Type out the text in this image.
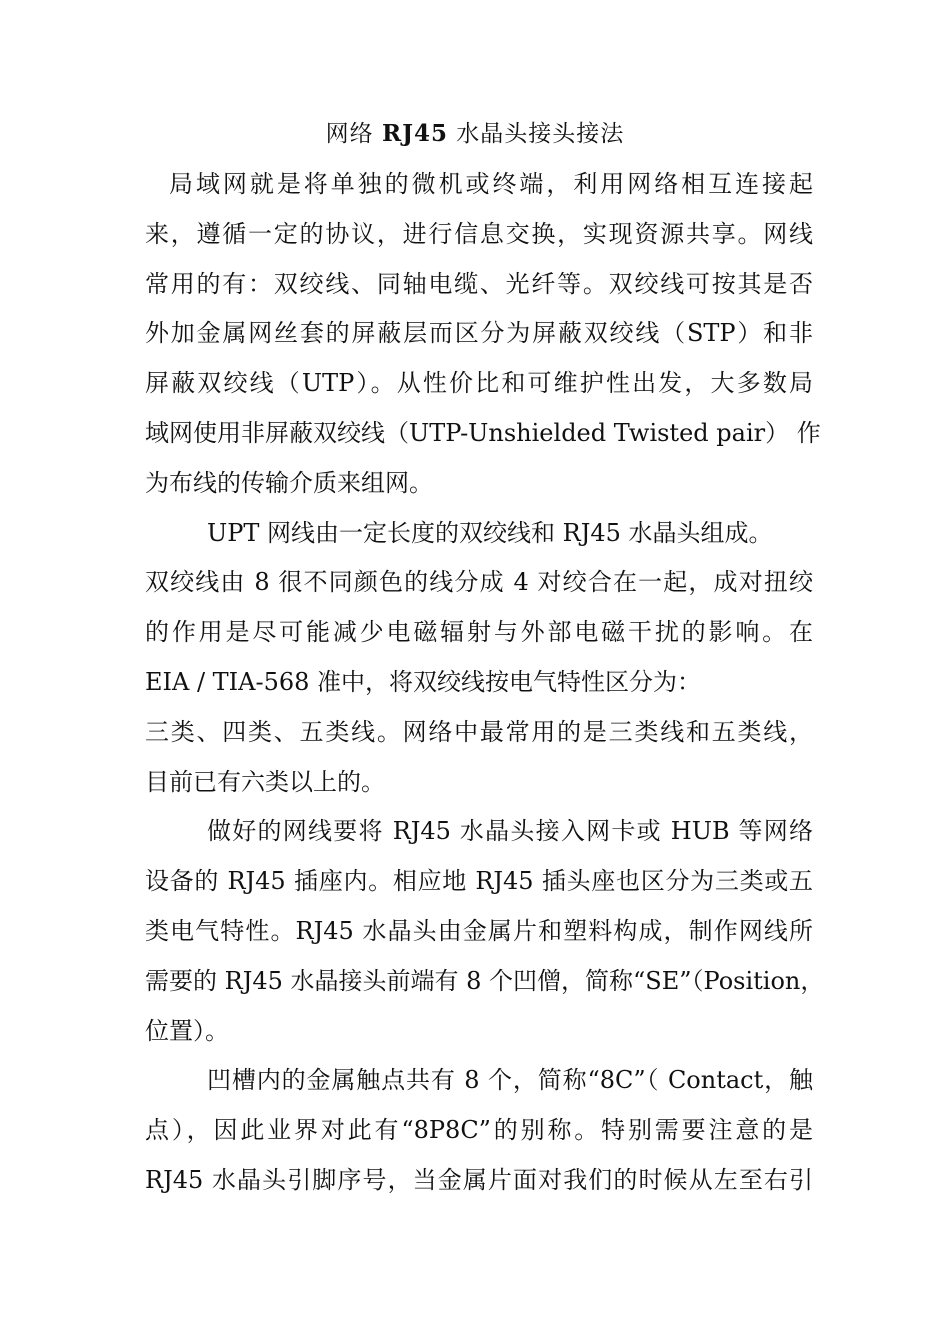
网络 RJ45 水晶头接头接法
局域网就是将单独的微机或终端，利用网络相互连接起
来，遵循一定的协议，进行信息交换，实现资源共享。网线
常用的有：双绞线、同轴电缆、光纤等。双绞线可按其是否
外加金属网丝套的屏蔽层而区分为屏蔽双绞线（STP）和非
屏蔽双绞线（UTP）。从性价比和可维护性出发，大多数局
域网使用非屏蔽双绞线（UTP-Unshielded Twisted pair） 作
为布线的传输介质来组网。
UPT 网线由一定长度的双绞线和 RJ45 水晶头组成。
双绞线由 8 很不同颜色的线分成 4 对绞合在一起，成对扭绞
的作用是尽可能减少电磁辐射与外部电磁干扰的影响。在
EIA / TIA-568 准中，将双绞线按电气特性区分为：
三类、四类、五类线。网络中最常用的是三类线和五类线，
目前已有六类以上的。
做好的网线要将 RJ45 水晶头接入网卡或 HUB 等网络
设备的 RJ45 插座内。相应地 RJ45 插头座也区分为三类或五
类电气特性。RJ45 水晶头由金属片和塑料构成，制作网线所
需要的 RJ45 水晶接头前端有 8 个凹僧，简称“SE”（Position，
位置）。
凹槽内的金属触点共有 8 个，简称“8C”（ Contact，触
点），因此业界对此有“8P8C”的别称。特别需要注意的是
RJ45 水晶头引脚序号，当金属片面对我们的时候从左至右引
